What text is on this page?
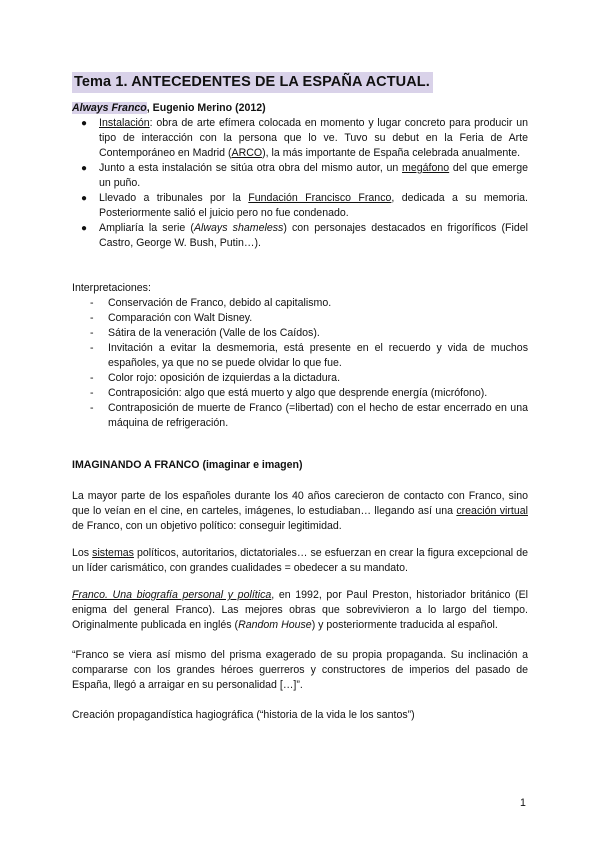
Tema 1. ANTECEDENTES DE LA ESPAÑA ACTUAL.
Always Franco, Eugenio Merino (2012)
● Instalación: obra de arte efímera colocada en momento y lugar concreto para producir un tipo de interacción con la persona que lo ve. Tuvo su debut en la Feria de Arte Contemporáneo en Madrid (ARCO), la más importante de España celebrada anualmente.
● Junto a esta instalación se sitúa otra obra del mismo autor, un megáfono del que emerge un puño.
● Llevado a tribunales por la Fundación Francisco Franco, dedicada a su memoria. Posteriormente salió el juicio pero no fue condenado.
● Ampliaría la serie (Always shameless) con personajes destacados en frigoríficos (Fidel Castro, George W. Bush, Putin…).
Interpretaciones:
- Conservación de Franco, debido al capitalismo.
- Comparación con Walt Disney.
- Sátira de la veneración (Valle de los Caídos).
- Invitación a evitar la desmemoria, está presente en el recuerdo y vida de muchos españoles, ya que no se puede olvidar lo que fue.
- Color rojo: oposición de izquierdas a la dictadura.
- Contraposición: algo que está muerto y algo que desprende energía (micrófono).
- Contraposición de muerte de Franco (=libertad) con el hecho de estar encerrado en una máquina de refrigeración.
IMAGINANDO A FRANCO (imaginar e imagen)

La mayor parte de los españoles durante los 40 años carecieron de contacto con Franco, sino que lo veían en el cine, en carteles, imágenes, lo estudiaban… llegando así una creación virtual de Franco, con un objetivo político: conseguir legitimidad.

Los sistemas políticos, autoritarios, dictatoriales… se esfuerzan en crear la figura excepcional de un líder carismático, con grandes cualidades = obedecer a su mandato.

Franco. Una biografía personal y política, en 1992, por Paul Preston, historiador británico (El enigma del general Franco). Las mejores obras que sobrevivieron a lo largo del tiempo. Originalmente publicada en inglés (Random House) y posteriormente traducida al español.

“Franco se viera así mismo del prisma exagerado de su propia propaganda. Su inclinación a compararse con los grandes héroes guerreros y constructores de imperios del pasado de España, llegó a arraigar en su personalidad […]”.

Creación propagandística hagiográfica (“historia de la vida le los santos”)

1
